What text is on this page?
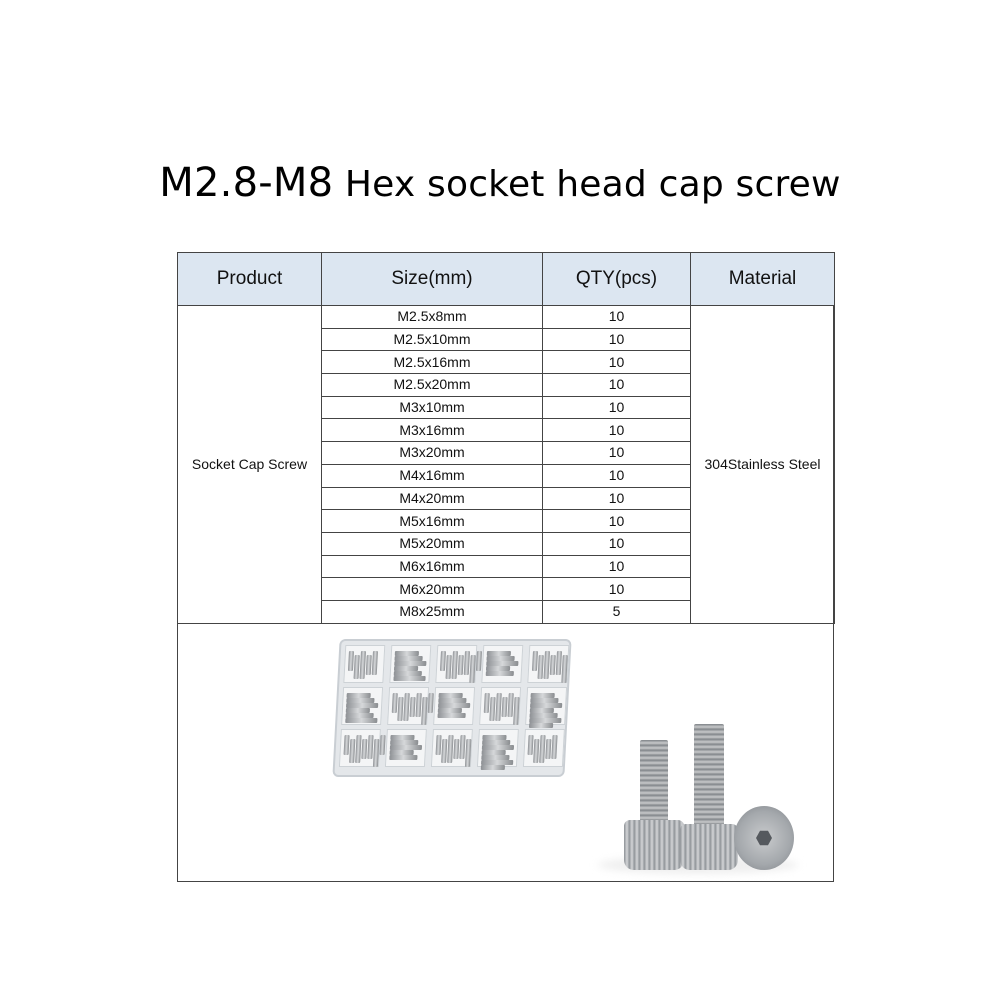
M2.8-M8 Hex socket head cap screw
Product	Size(mm)	QTY(pcs)	Material
Socket Cap Screw	M2.5x8mm	10	304Stainless Steel
	M2.5x10mm	10	
	M2.5x16mm	10	
	M2.5x20mm	10	
	M3x10mm	10	
	M3x16mm	10	
	M3x20mm	10	
	M4x16mm	10	
	M4x20mm	10	
	M5x16mm	10	
	M5x20mm	10	
	M6x16mm	10	
	M6x20mm	10	
	M8x25mm	5	
